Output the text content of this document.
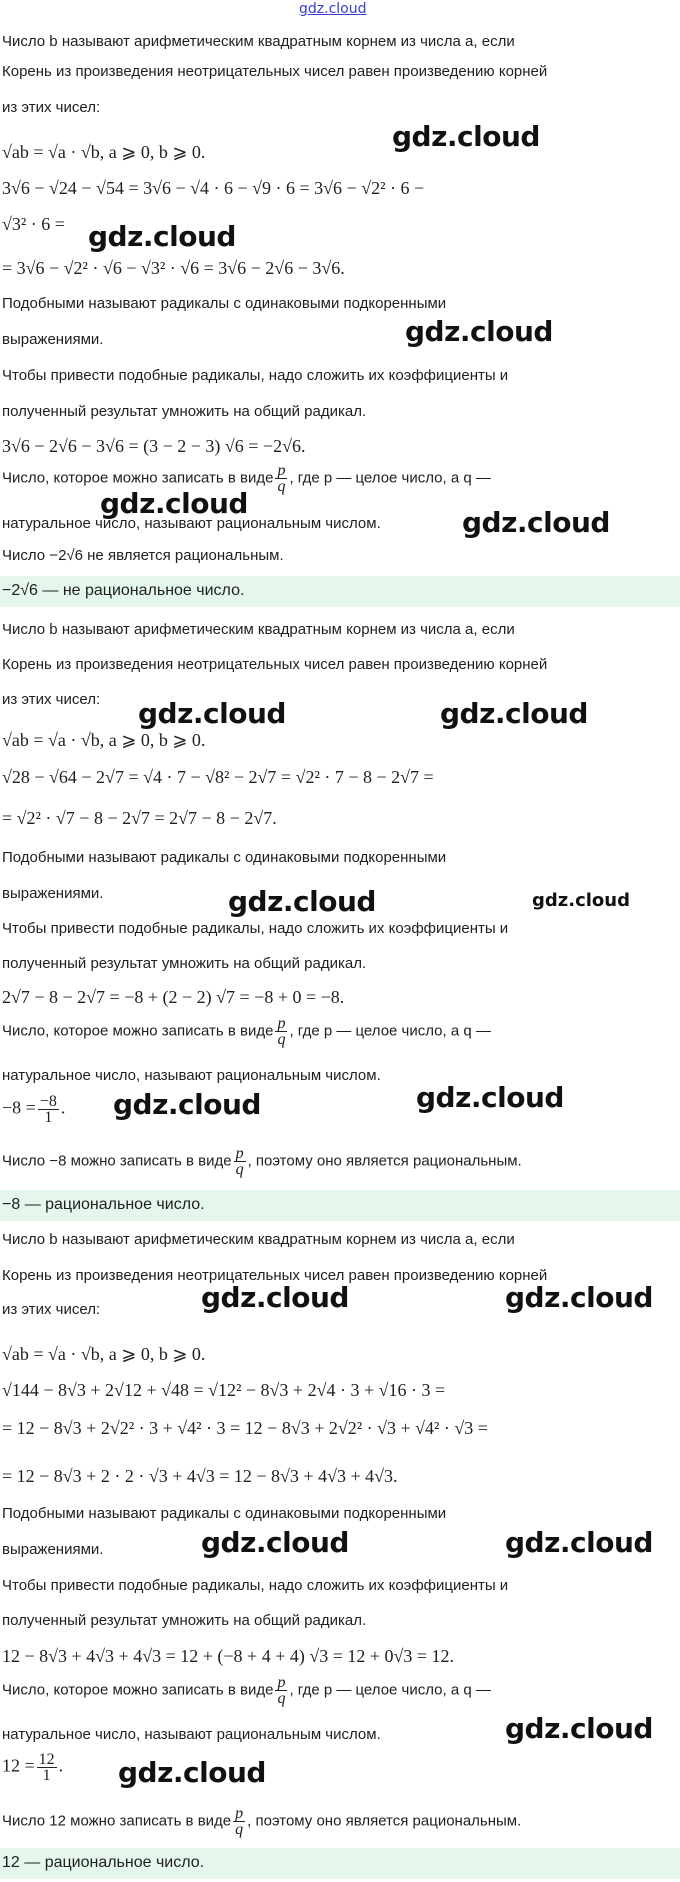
gdz.cloud
Число b называют арифметическим квадратным корнем из числа a, если
Корень из произведения неотрицательных чисел равен произведению корней
из этих чисел:
√ab = √a · √b, a ⩾ 0, b ⩾ 0.
3√6 − √24 − √54 = 3√6 − √4 · 6 − √9 · 6 = 3√6 − √2² · 6 −
√3² · 6 =
= 3√6 − √2² · √6 − √3² · √6 = 3√6 − 2√6 − 3√6.
Подобными называют радикалы с одинаковыми подкоренными
выражениями.
Чтобы привести подобные радикалы, надо сложить их коэффициенты и
полученный результат умножить на общий радикал.
3√6 − 2√6 − 3√6 = (3 − 2 − 3) √6 = −2√6.
Число, которое можно записать в виде $\frac{p}{q}$ , где p — целое число, а q —
натуральное число, называют рациональным числом.
Число −2√6 не является рациональным.
−2√6 — не рациональное число.
Число b называют арифметическим квадратным корнем из числа a, если
Корень из произведения неотрицательных чисел равен произведению корней
из этих чисел:
√ab = √a · √b, a ⩾ 0, b ⩾ 0.
√28 − √64 − 2√7 = √4 · 7 − √8² − 2√7 = √2² · 7 − 8 − 2√7 =
= √2² · √7 − 8 − 2√7 = 2√7 − 8 − 2√7.
Подобными называют радикалы с одинаковыми подкоренными
выражениями.
Чтобы привести подобные радикалы, надо сложить их коэффициенты и
полученный результат умножить на общий радикал.
2√7 − 8 − 2√7 = −8 + (2 − 2) √7 = −8 + 0 = −8.
Число, которое можно записать в виде $\frac{p}{q}$ , где p — целое число, а q —
натуральное число, называют рациональным числом.
$-8 = \frac{-8}{1}$ .
Число −8 можно записать в виде $\frac{p}{q}$ , поэтому оно является рациональным.
−8 — рациональное число.
Число b называют арифметическим квадратным корнем из числа a, если
Корень из произведения неотрицательных чисел равен произведению корней
из этих чисел:
√ab = √a · √b, a ⩾ 0, b ⩾ 0.
√144 − 8√3 + 2√12 + √48 = √12² − 8√3 + 2√4 · 3 + √16 · 3 =
= 12 − 8√3 + 2√2² · 3 + √4² · 3 = 12 − 8√3 + 2√2² · √3 + √4² · √3 =
= 12 − 8√3 + 2 · 2 · √3 + 4√3 = 12 − 8√3 + 4√3 + 4√3.
Подобными называют радикалы с одинаковыми подкоренными
выражениями.
Чтобы привести подобные радикалы, надо сложить их коэффициенты и
полученный результат умножить на общий радикал.
12 − 8√3 + 4√3 + 4√3 = 12 + (−8 + 4 + 4) √3 = 12 + 0√3 = 12.
Число, которое можно записать в виде $\frac{p}{q}$ , где p — целое число, а q —
натуральное число, называют рациональным числом.
$12 = \frac{12}{1}$ .
Число 12 можно записать в виде $\frac{p}{q}$ , поэтому оно является рациональным.
12 — рациональное число.
gdz.cloud
gdz.cloud
gdz.cloud
gdz.cloud
gdz.cloud
gdz.cloud	gdz.cloud
gdz.cloud	gdz.cloud
gdz.cloud	gdz.cloud
gdz.cloud	gdz.cloud
gdz.cloud	gdz.cloud
gdz.cloud
gdz.cloud
